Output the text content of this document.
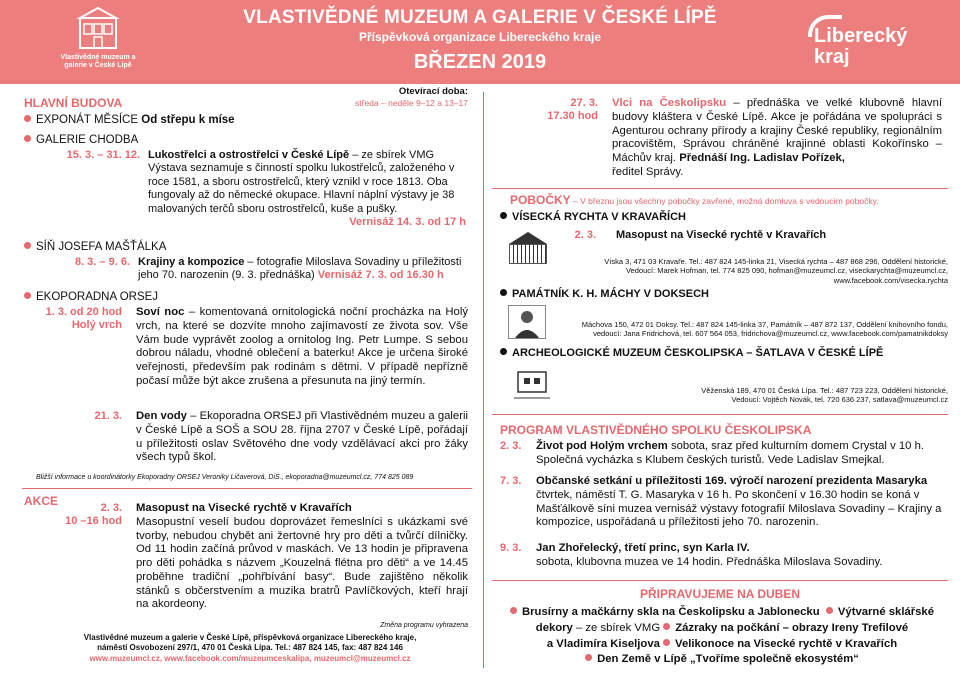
Vlastivědné muzeum a galerie v České Lípě
VLASTIVĚDNÉ MUZEUM A GALERIE V ČESKÉ LÍPĚ
Příspěvková organizace Libereckého kraje
BŘEZEN 2019
Liberecký kraj
Otevírací doba:
středa – neděle 9–12 a 13–17
HLAVNÍ BUDOVA
EXPONÁT MĚSÍCE Od střepu k míse
GALERIE CHODBA
15. 3. – 31. 12. Lukostřelci a ostrostřelci v České Lípě – ze sbírek VMG
Výstava seznamuje s činností spolku lukostřelců, založeného v roce 1581, a sboru ostrostřelců, který vznikl v roce 1813. Oba fungovaly až do německé okupace. Hlavní náplní výstavy je 38 malovaných terčů sboru ostrostřelců, kuše a pušky.
Vernisáž 14. 3. od 17 h
SÍŇ JOSEFA MAŠŤÁLKA
8. 3. – 9. 6. Krajiny a kompozice – fotografie Miloslava Sovadiny u příležitosti jeho 70. narozenin (9. 3. přednáška) Vernisáž 7. 3. od 16.30 h
EKOPORADNA ORSEJ
1. 3. od 20 hod
Holý vrch
Soví noc – komentovaná ornitologická noční procházka na Holý vrch, na které se dozvíte mnoho zajímavostí ze života sov. Vše Vám bude vyprávět zoolog a ornitolog Ing. Petr Lumpe. S sebou dobrou náladu, vhodné oblečení a baterku! Akce je určena široké veřejnosti, především pak rodinám s dětmi. V případě nepřízně počasí může být akce zrušena a přesunuta na jiný termín.
21. 3. Den vody – Ekoporadna ORSEJ při Vlastivědném muzeu a galerii v České Lípě a SOŠ a SOU 28. října 2707 v České Lípě, pořádají u příležitosti oslav Světového dne vody vzdělávací akci pro žáky všech typů škol.
Bližší informace u koordinátorky Ekoporadny ORSEJ Veroniky Ličaverová, DiS., ekoporadna@muzeumcl.cz, 774 825 089
AKCE	2. 3.
10 –16 hod
Masopust na Visecké rychtě v Kravařích
Masopustní veselí budou doprovázet řemeslníci s ukázkami své tvorby, nebudou chybět ani žertovné hry pro děti a tvůrčí dílničky. Od 11 hodin začíná průvod v maskách. Ve 13 hodin je připravena pro děti pohádka s názvem „Kouzelná flétna pro děti“ a ve 14.45 proběhne tradiční „pohřbívání basy“. Bude zajištěno několik stánků s občerstvením a muzika bratrů Pavlíčkových, kteří hrají na akordeony.
Změna programu vyhrazena
Vlastivědné muzeum a galerie v České Lípě, příspěvková organizace Libereckého kraje,
náměstí Osvobození 297/1, 470 01 Česká Lípa. Tel.: 487 824 145, fax: 487 824 146
www.muzeumcl.cz, www.facebook.com/muzeumceskalipa, muzeumcl@muzeumcl.cz
27. 3.
17.30 hod
Vlci na Českolipsku – přednáška ve velké klubovně hlavní budovy kláštera v České Lípě. Akce je pořádána ve spolupráci s Agenturou ochrany přírody a krajiny České republiky, regionálním pracovištěm, Správou chráněné krajinné oblasti Kokořínsko – Máchův kraj. Přednáší Ing. Ladislav Pořízek,
ředitel Správy.
POBOČKY – V březnu jsou všechny pobočky zavřené, možná domluva s vedoucím pobočky.
VÍSECKÁ RYCHTA V KRAVAŘÍCH
2. 3. Masopust na Visecké rychtě v Kravařích
Víska 3, 471 03 Kravaře. Tel.: 487 824 145-linka 21, Visecká rychta – 487 868 296, Oddělení historické,
Vedoucí: Marek Hofman, tel. 774 825 090, hofman@muzeumcl.cz, viseckarychta@muzeumcl.cz, www.facebook.com/visecka.rychta
PAMÁTNÍK K. H. MÁCHY V DOKSECH
Máchova 150, 472 01 Doksy. Tel.: 487 824 145-linka 37, Památník – 487 872 137, Oddělení knihovního fondu,
vedoucí: Jana Fridrichová, tel. 607 564 053, fridrichova@muzeumcl.cz, www.facebook.com/pamatnikdoksy
ARCHEOLOGICKÉ MUZEUM ČESKOLIPSKA – ŠATLAVA V ČESKÉ LÍPĚ
Věženská 189, 470 01 Česká Lípa. Tel.: 487 723 223, Oddělení historické,
Vedoucí: Vojtěch Novák, tel. 720 636 237, satlava@muzeumcl.cz
PROGRAM VLASTIVĚDNÉHO SPOLKU ČESKOLIPSKA
2. 3.	Život pod Holým vrchem sobota, sraz před kulturním domem Crystal v 10 h. Společná vycházka s Klubem českých turistů. Vede Ladislav Smejkal.
7. 3.	Občanské setkání u příležitosti 169. výročí narození prezidenta Masaryka čtvrtek, náměstí T. G. Masaryka v 16 h. Po skončení v 16.30 hodin se koná v Mašťálkově síni muzea vernisáž výstavy fotografií Miloslava Sovadiny – Krajiny a kompozice, uspořádaná u příležitosti jeho 70. narozenin.
9. 3.	Jan Zhořelecký, třetí princ, syn Karla IV.
sobota, klubovna muzea ve 14 hodin. Přednáška Miloslava Sovadiny.
PŘIPRAVUJEME NA DUBEN
Brusírny a mačkárny skla na Českolipsku a Jablonecku Výtvarné sklářské
dekory – ze sbírek VMG Zázraky na počkání – obrazy Ireny Trefilové
a Vladimíra Kiseljova Velikonoce na Visecké rychtě v Kravařích
Den Země v Lípě „Tvoříme společně ekosystém“
